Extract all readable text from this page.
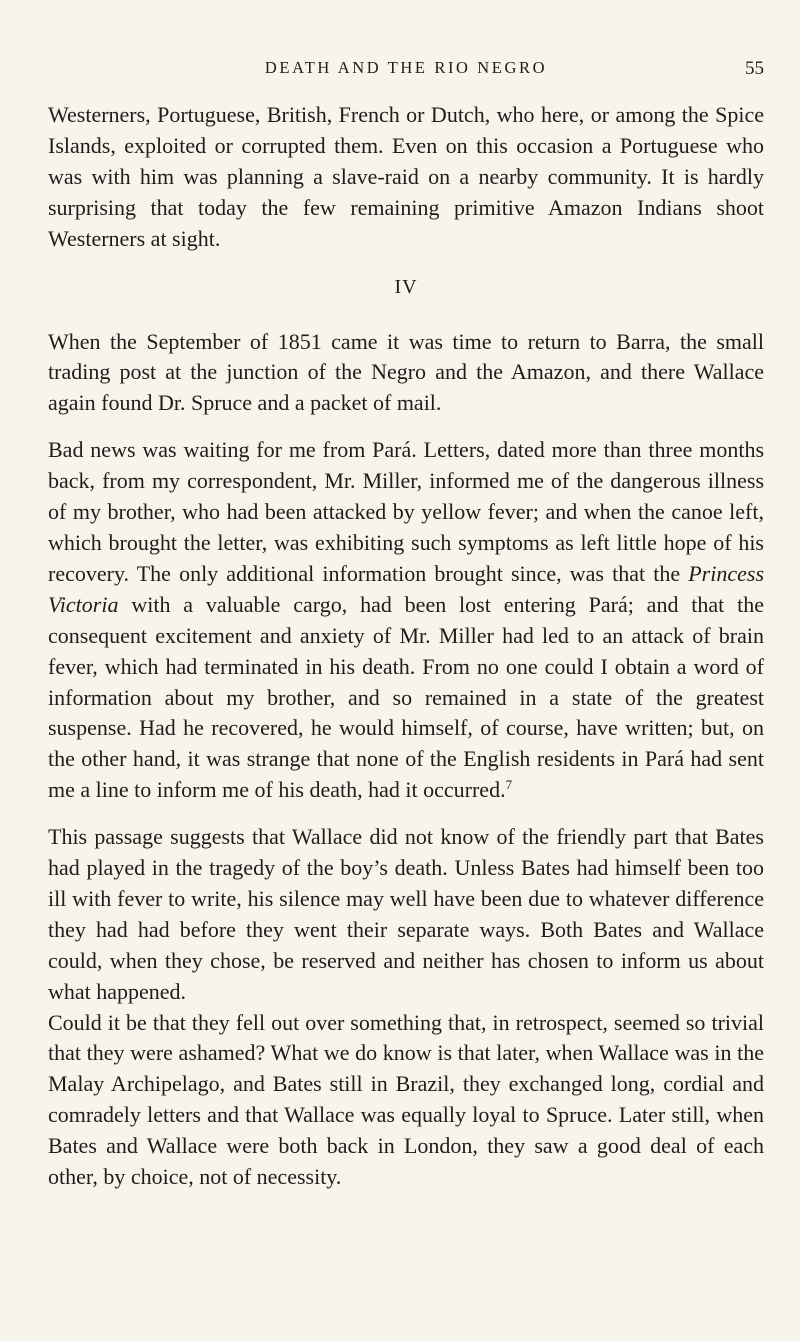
DEATH AND THE RIO NEGRO	55

Westerners, Portuguese, British, French or Dutch, who here, or among the Spice Islands, exploited or corrupted them. Even on this occasion a Portuguese who was with him was planning a slave-raid on a nearby community. It is hardly surprising that today the few remaining primitive Amazon Indians shoot Westerners at sight.

IV

When the September of 1851 came it was time to return to Barra, the small trading post at the junction of the Negro and the Amazon, and there Wallace again found Dr. Spruce and a packet of mail.

Bad news was waiting for me from Pará. Letters, dated more than three months back, from my correspondent, Mr. Miller, informed me of the dangerous illness of my brother, who had been attacked by yellow fever; and when the canoe left, which brought the letter, was exhibiting such symptoms as left little hope of his recovery. The only additional information brought since, was that the Princess Victoria with a valuable cargo, had been lost entering Pará; and that the consequent excitement and anxiety of Mr. Miller had led to an attack of brain fever, which had terminated in his death. From no one could I obtain a word of information about my brother, and so remained in a state of the greatest suspense. Had he recovered, he would himself, of course, have written; but, on the other hand, it was strange that none of the English residents in Pará had sent me a line to inform me of his death, had it occurred.$^7$

This passage suggests that Wallace did not know of the friendly part that Bates had played in the tragedy of the boy’s death. Unless Bates had himself been too ill with fever to write, his silence may well have been due to whatever difference they had had before they went their separate ways. Both Bates and Wallace could, when they chose, be reserved and neither has chosen to inform us about what happened.

Could it be that they fell out over something that, in retrospect, seemed so trivial that they were ashamed? What we do know is that later, when Wallace was in the Malay Archipelago, and Bates still in Brazil, they exchanged long, cordial and comradely letters and that Wallace was equally loyal to Spruce. Later still, when Bates and Wallace were both back in London, they saw a good deal of each other, by choice, not of necessity.
